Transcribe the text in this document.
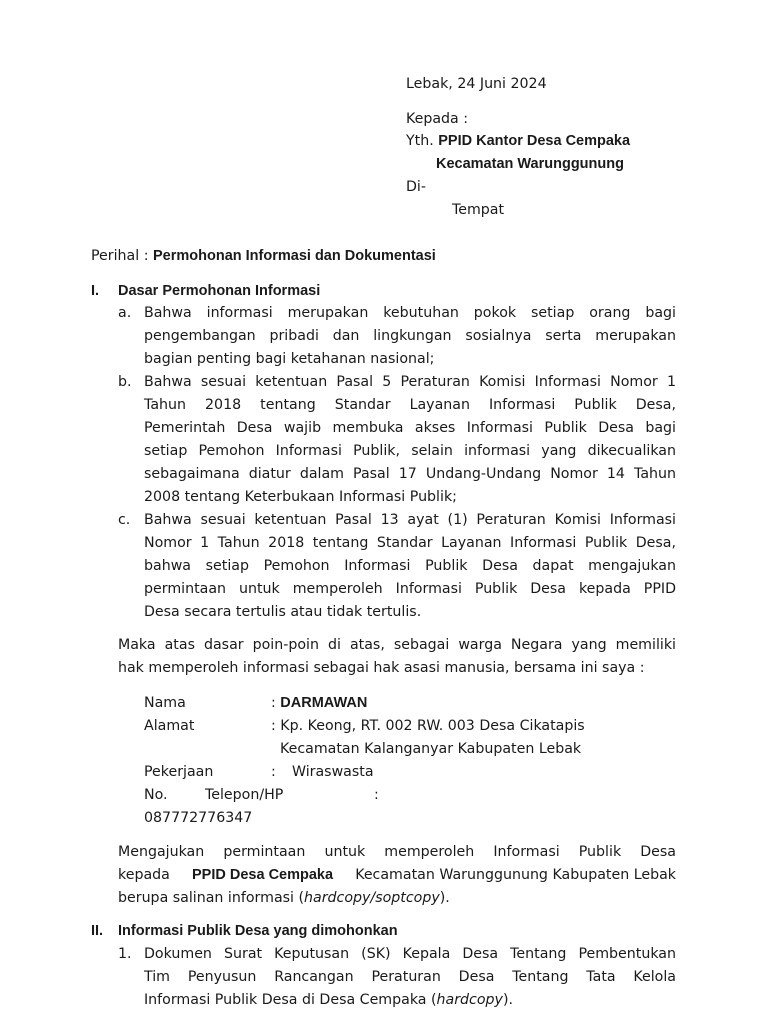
Lebak, 24 Juni 2024
Kepada :
Yth. PPID Kantor Desa Cempaka
Kecamatan Warunggunung
Di-
Tempat
Perihal : Permohonan Informasi dan Dokumentasi
I. Dasar Permohonan Informasi
a. Bahwa informasi merupakan kebutuhan pokok setiap orang bagi
pengembangan pribadi dan lingkungan sosialnya serta merupakan
bagian penting bagi ketahanan nasional;
b. Bahwa sesuai ketentuan Pasal 5 Peraturan Komisi Informasi Nomor 1
Tahun 2018 tentang Standar Layanan Informasi Publik Desa,
Pemerintah Desa wajib membuka akses Informasi Publik Desa bagi
setiap Pemohon Informasi Publik, selain informasi yang dikecualikan
sebagaimana diatur dalam Pasal 17 Undang-Undang Nomor 14 Tahun
2008 tentang Keterbukaan Informasi Publik;
c. Bahwa sesuai ketentuan Pasal 13 ayat (1) Peraturan Komisi Informasi
Nomor 1 Tahun 2018 tentang Standar Layanan Informasi Publik Desa,
bahwa setiap Pemohon Informasi Publik Desa dapat mengajukan
permintaan untuk memperoleh Informasi Publik Desa kepada PPID
Desa secara tertulis atau tidak tertulis.
Maka atas dasar poin-poin di atas, sebagai warga Negara yang memiliki
hak memperoleh informasi sebagai hak asasi manusia, bersama ini saya :
Nama	: DARMAWAN
Alamat	: Kp. Keong, RT. 002 RW. 003 Desa Cikatapis
Kecamatan Kalanganyar Kabupaten Lebak
Pekerjaan	: Wiraswasta
No.	Telepon/HP	:
087772776347
Mengajukan permintaan untuk memperoleh Informasi Publik Desa
kepada PPID Desa Cempaka Kecamatan Warunggunung Kabupaten Lebak
berupa salinan informasi (hardcopy/soptcopy).
II. Informasi Publik Desa yang dimohonkan
1. Dokumen Surat Keputusan (SK) Kepala Desa Tentang Pembentukan
Tim Penyusun Rancangan Peraturan Desa Tentang Tata Kelola
Informasi Publik Desa di Desa Cempaka (hardcopy).
